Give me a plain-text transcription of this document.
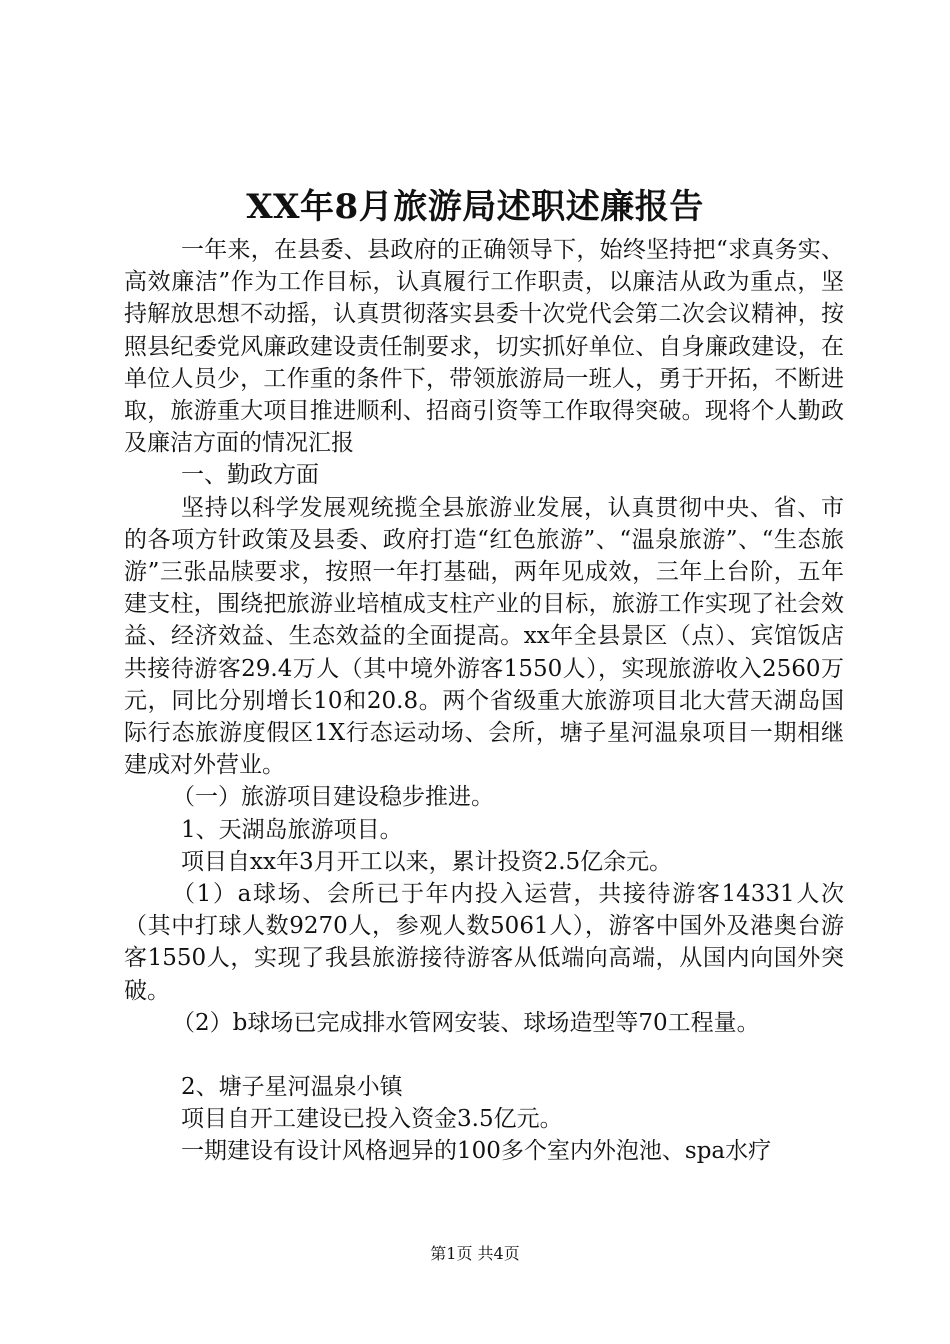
XX年8月旅游局述职述廉报告

一年来，在县委、县政府的正确领导下，始终坚持把“求真务实、高效廉洁”作为工作目标，认真履行工作职责，以廉洁从政为重点，坚持解放思想不动摇，认真贯彻落实县委十次党代会第二次会议精神，按照县纪委党风廉政建设责任制要求，切实抓好单位、自身廉政建设，在单位人员少，工作重的条件下，带领旅游局一班人，勇于开拓，不断进取，旅游重大项目推进顺利、招商引资等工作取得突破。现将个人勤政及廉洁方面的情况汇报

一、勤政方面

坚持以科学发展观统揽全县旅游业发展，认真贯彻中央、省、市的各项方针政策及县委、政府打造“红色旅游”、“温泉旅游”、“生态旅游”三张品牍要求，按照一年打基础，两年见成效，三年上台阶，五年建支柱，围绕把旅游业培植成支柱产业的目标，旅游工作实现了社会效益、经济效益、生态效益的全面提高。xx年全县景区（点）、宾馆饭店共接待游客29.4万人（其中境外游客1550人），实现旅游收入2560万元，同比分别增长10和20.8。两个省级重大旅游项目北大营天湖岛国际行态旅游度假区1X行态运动场、会所，塘子星河温泉项目一期相继建成对外营业。

（一）旅游项目建设稳步推进。

1、天湖岛旅游项目。

项目自xx年3月开工以来，累计投资2.5亿余元。

（1）a球场、会所已于年内投入运营，共接待游客14331人次（其中打球人数9270人，参观人数5061人），游客中国外及港奥台游客1550人，实现了我县旅游接待游客从低端向高端，从国内向国外突破。

（2）b球场已完成排水管网安装、球场造型等70工程量。

2、塘子星河温泉小镇

项目自开工建设已投入资金3.5亿元。

一期建设有设计风格迥异的100多个室内外泡池、spa水疗

第1页 共4页
